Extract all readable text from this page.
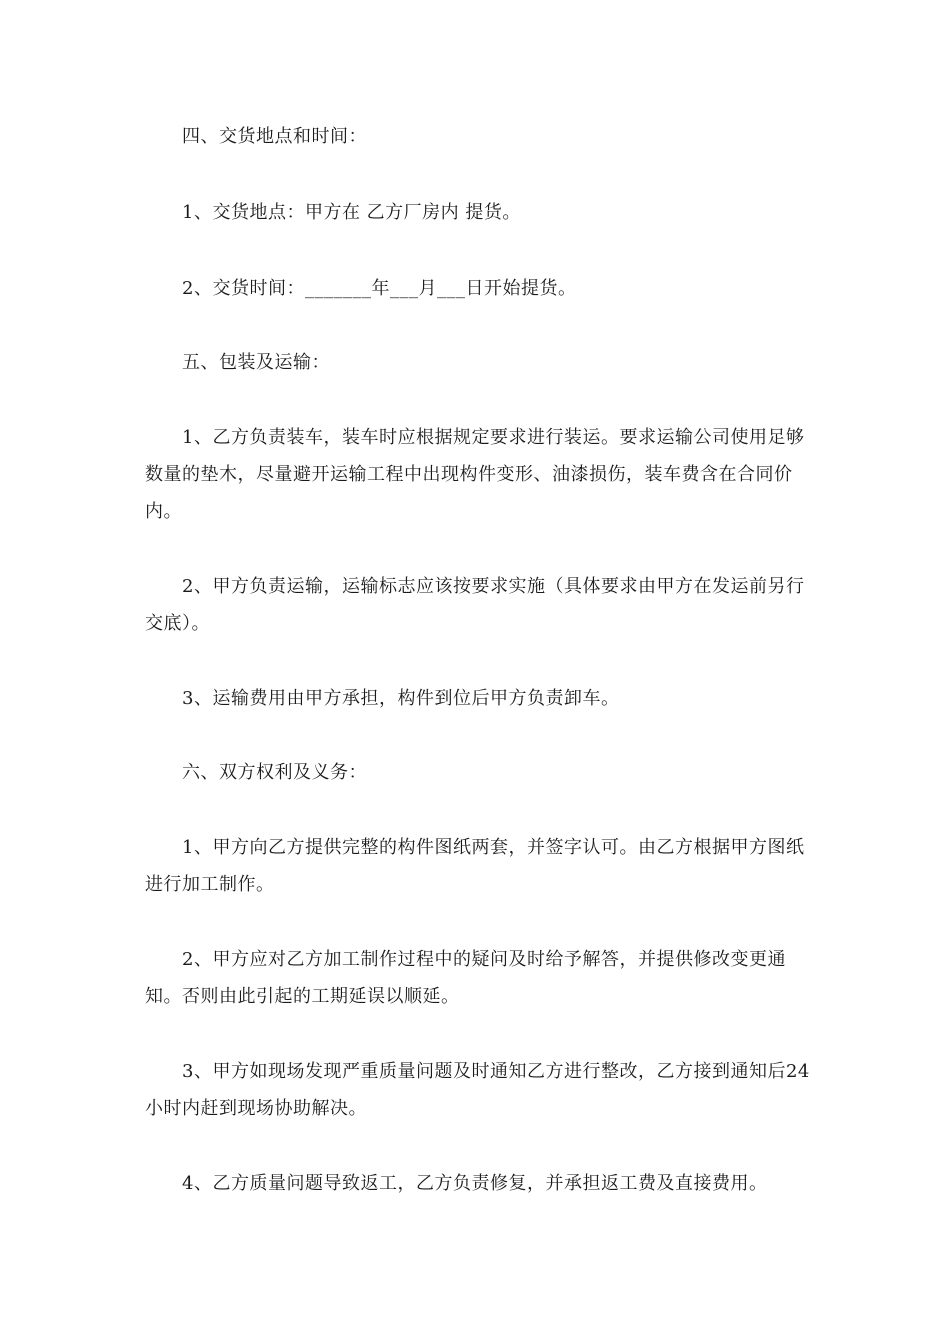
四、交货地点和时间：

1、交货地点：甲方在 乙方厂房内 提货。

2、交货时间：_______年___月___日开始提货。

五、包装及运输：

1、乙方负责装车，装车时应根据规定要求进行装运。要求运输公司使用足够数量的垫木，尽量避开运输工程中出现构件变形、油漆损伤，装车费含在合同价内。

2、甲方负责运输，运输标志应该按要求实施（具体要求由甲方在发运前另行交底）。

3、运输费用由甲方承担，构件到位后甲方负责卸车。

六、双方权利及义务：

1、甲方向乙方提供完整的构件图纸两套，并签字认可。由乙方根据甲方图纸进行加工制作。

2、甲方应对乙方加工制作过程中的疑问及时给予解答，并提供修改变更通知。否则由此引起的工期延误以顺延。

3、甲方如现场发现严重质量问题及时通知乙方进行整改，乙方接到通知后24小时内赶到现场协助解决。

4、乙方质量问题导致返工，乙方负责修复，并承担返工费及直接费用。
